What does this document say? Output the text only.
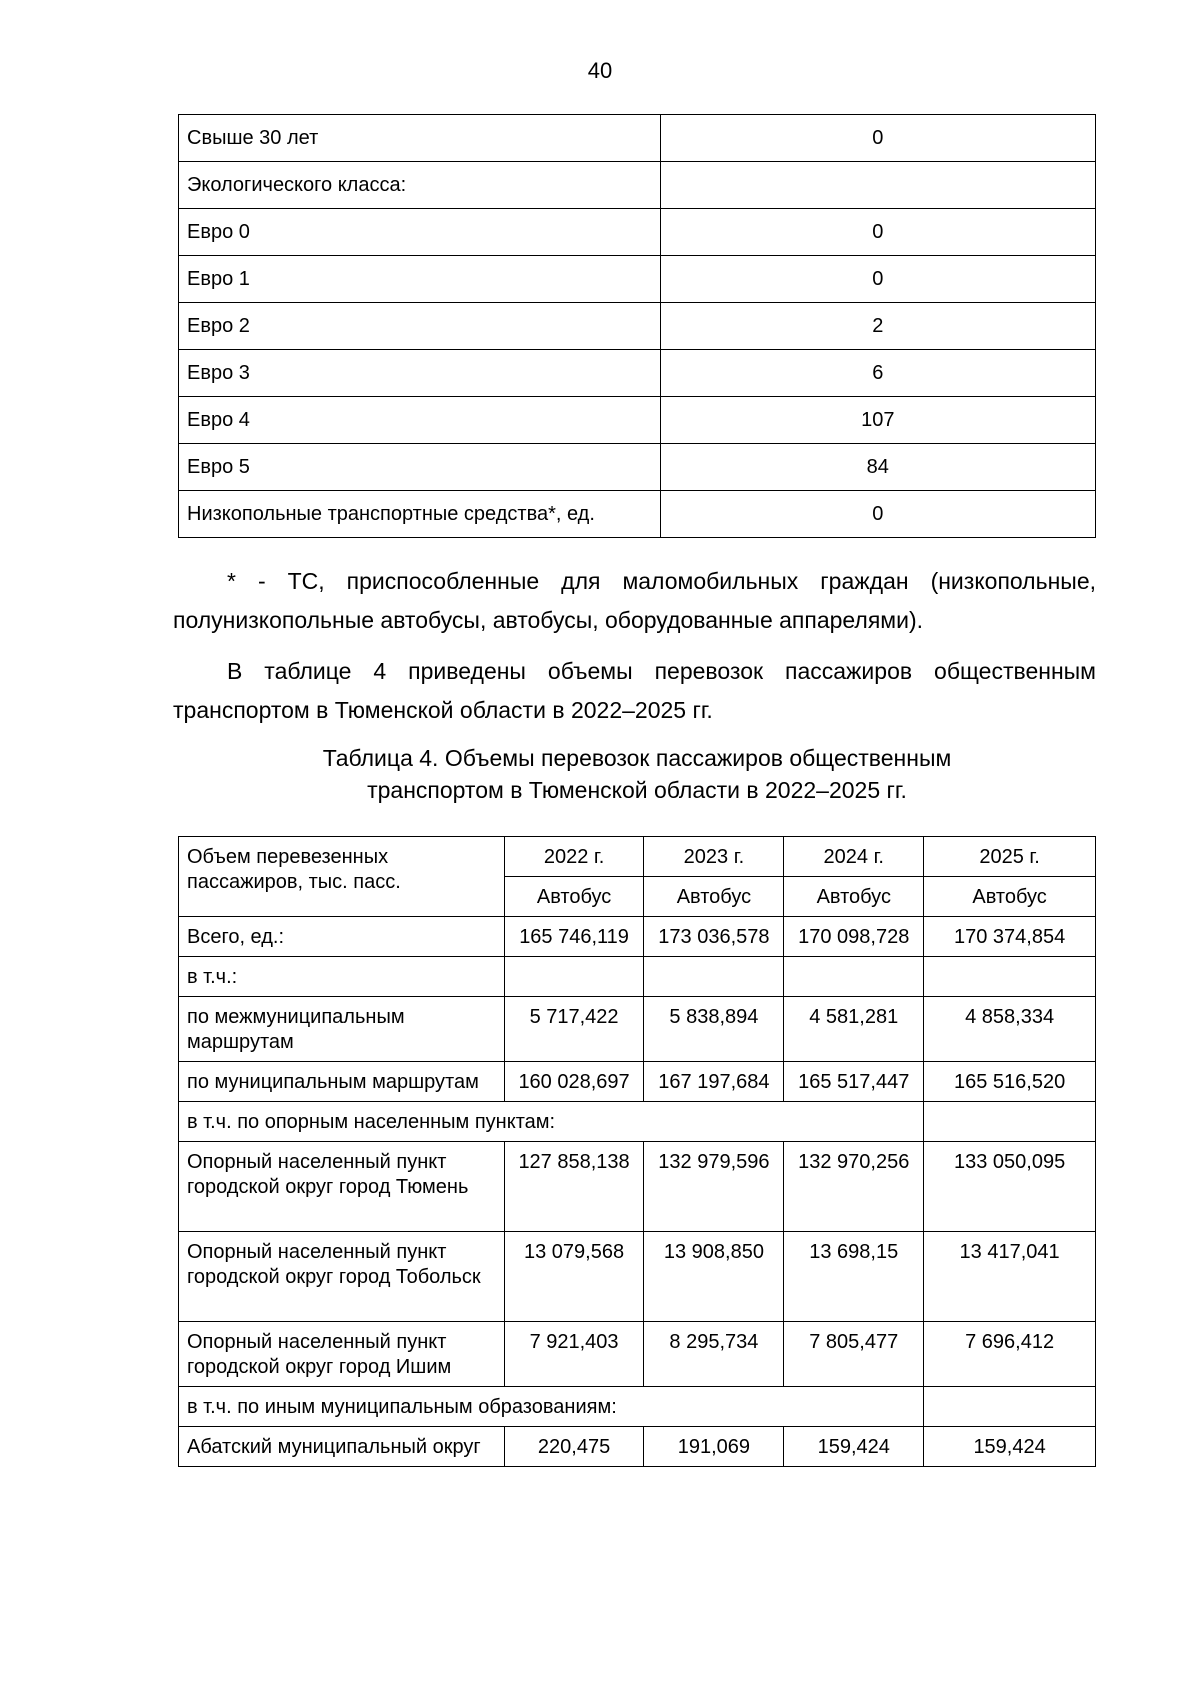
40
Свыше 30 лет	0
Экологического класса:	
Евро 0	0
Евро 1	0
Евро 2	2
Евро 3	6
Евро 4	107
Евро 5	84
Низкопольные транспортные средства*, ед.	0
* - ТС, приспособленные для маломобильных граждан (низкопольные, полунизкопольные автобусы, автобусы, оборудованные аппарелями).
В таблице 4 приведены объемы перевозок пассажиров общественным транспортом в Тюменской области в 2022–2025 гг.
Таблица 4. Объемы перевозок пассажиров общественным
транспортом в Тюменской области в 2022–2025 гг.
Объем перевезенных пассажиров, тыс. пасс.	2022 г.	2023 г.	2024 г.	2025 г.
	Автобус	Автобус	Автобус	Автобус
Всего, ед.:	165 746,119	173 036,578	170 098,728	170 374,854
в т.ч.:				
по межмуниципальным маршрутам	5 717,422	5 838,894	4 581,281	4 858,334
по муниципальным маршрутам	160 028,697	167 197,684	165 517,447	165 516,520
в т.ч. по опорным населенным пунктам:				
Опорный населенный пункт городской округ город Тюмень	127 858,138	132 979,596	132 970,256	133 050,095
Опорный населенный пункт городской округ город Тобольск	13 079,568	13 908,850	13 698,15	13 417,041
Опорный населенный пункт городской округ город Ишим	7 921,403	8 295,734	7 805,477	7 696,412
в т.ч. по иным муниципальным образованиям:				
Абатский муниципальный округ	220,475	191,069	159,424	159,424
